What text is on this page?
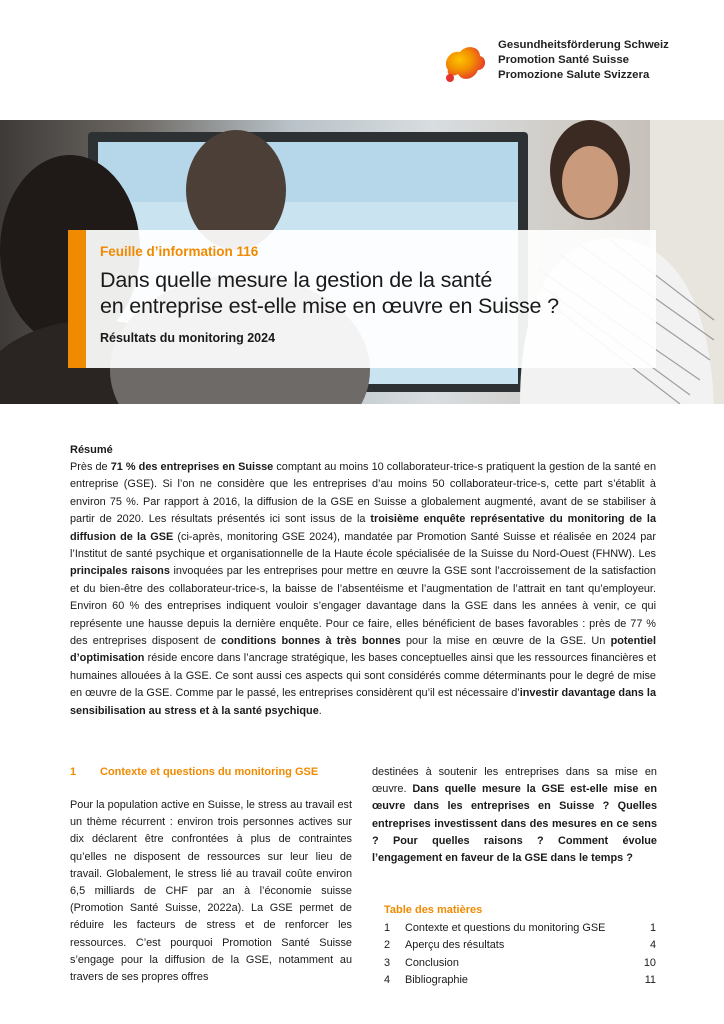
Gesundheitsförderung Schweiz
Promotion Santé Suisse
Promozione Salute Svizzera

Feuille d’information 116

Dans quelle mesure la gestion de la santé
en entreprise est-elle mise en œuvre en Suisse ?

Résultats du monitoring 2024

Résumé

Près de 71 % des entreprises en Suisse comptant au moins 10 collaborateur-trice-s pratiquent la gestion de la santé en entreprise (GSE). Si l’on ne considère que les entreprises d’au moins 50 collaborateur-trice-s, cette part s’établit à environ 75 %. Par rapport à 2016, la diffusion de la GSE en Suisse a globalement augmenté, avant de se stabiliser à partir de 2020. Les résultats présentés ici sont issus de la troisième enquête représentative du monitoring de la diffusion de la GSE (ci-après, monitoring GSE 2024), mandatée par Promotion Santé Suisse et réalisée en 2024 par l’Institut de santé psychique et organisationnelle de la Haute école spécialisée de la Suisse du Nord-Ouest (FHNW). Les principales raisons invoquées par les entreprises pour mettre en œuvre la GSE sont l’accroissement de la satisfaction et du bien-être des collaborateur-trice-s, la baisse de l’absentéisme et l’augmentation de l’attrait en tant qu’employeur. Environ 60 % des entreprises indiquent vouloir s’engager davantage dans la GSE dans les années à venir, ce qui représente une hausse depuis la dernière enquête. Pour ce faire, elles bénéficient de bases favorables : près de 77 % des entreprises disposent de conditions bonnes à très bonnes pour la mise en œuvre de la GSE. Un potentiel d’optimisation réside encore dans l’ancrage stratégique, les bases conceptuelles ainsi que les ressources financières et humaines allouées à la GSE. Ce sont aussi ces aspects qui sont considérés comme déterminants pour le degré de mise en œuvre de la GSE. Comme par le passé, les entreprises considèrent qu’il est nécessaire d’investir davantage dans la sensibilisation au stress et à la santé psychique.

1 Contexte et questions du monitoring GSE

Pour la population active en Suisse, le stress au travail est un thème récurrent : environ trois personnes actives sur dix déclarent être confrontées à plus de contraintes qu’elles ne disposent de ressources sur leur lieu de travail. Globalement, le stress lié au travail coûte environ 6,5 milliards de CHF par an à l’économie suisse (Promotion Santé Suisse, 2022a). La GSE permet de réduire les facteurs de stress et de renforcer les ressources. C’est pourquoi Promotion Santé Suisse s’engage pour la diffusion de la GSE, notamment au travers de ses propres offres

destinées à soutenir les entreprises dans sa mise en œuvre. Dans quelle mesure la GSE est-elle mise en œuvre dans les entreprises en Suisse ? Quelles entreprises investissent dans des mesures en ce sens ? Pour quelles raisons ? Comment évolue l’engagement en faveur de la GSE dans le temps ?

Table des matières
1	Contexte et questions du monitoring GSE	1
2	Aperçu des résultats	4
3	Conclusion	10
4	Bibliographie	11
